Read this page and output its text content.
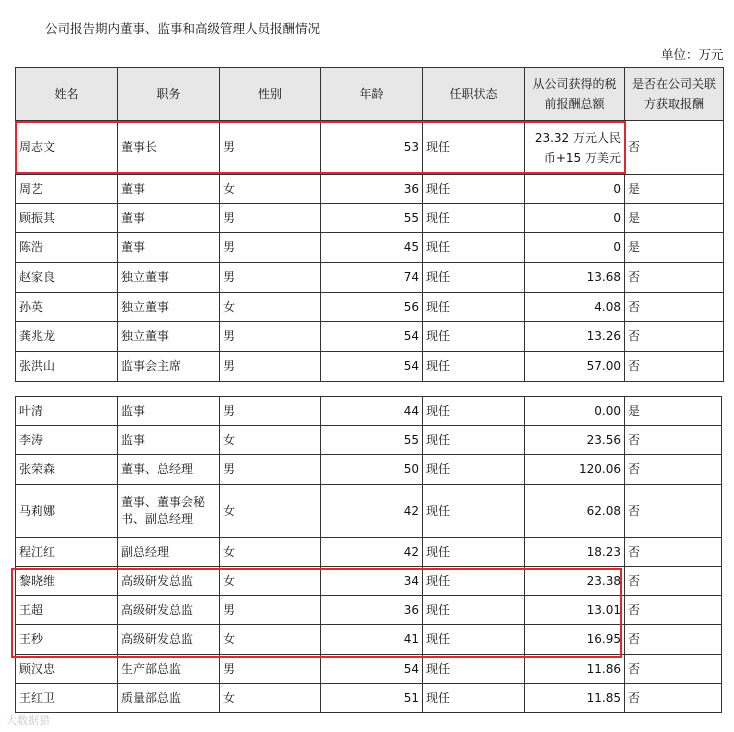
公司报告期内董事、监事和高级管理人员报酬情况
单位：万元
姓名	职务	性别	年龄	任职状态	从公司获得的税前报酬总额	是否在公司关联方获取报酬
周志文	董事长	男	53	现任	23.32 万元人民币+15 万美元	否
周艺	董事	女	36	现任	0	是
顾振其	董事	男	55	现任	0	是
陈浩	董事	男	45	现任	0	是
赵家良	独立董事	男	74	现任	13.68	否
孙英	独立董事	女	56	现任	4.08	否
龚兆龙	独立董事	男	54	现任	13.26	否
张洪山	监事会主席	男	54	现任	57.00	否
叶清	监事	男	44	现任	0.00	是
李涛	监事	女	55	现任	23.56	否
张荣森	董事、总经理	男	50	现任	120.06	否
马莉娜	董事、董事会秘书、副总经理	女	42	现任	62.08	否
程江红	副总经理	女	42	现任	18.23	否
黎晓维	高级研发总监	女	34	现任	23.38	否
王超	高级研发总监	男	36	现任	13.01	否
王秒	高级研发总监	女	41	现任	16.95	否
顾汉忠	生产部总监	男	54	现任	11.86	否
王红卫	质量部总监	女	51	现任	11.85	否
大数据猎
